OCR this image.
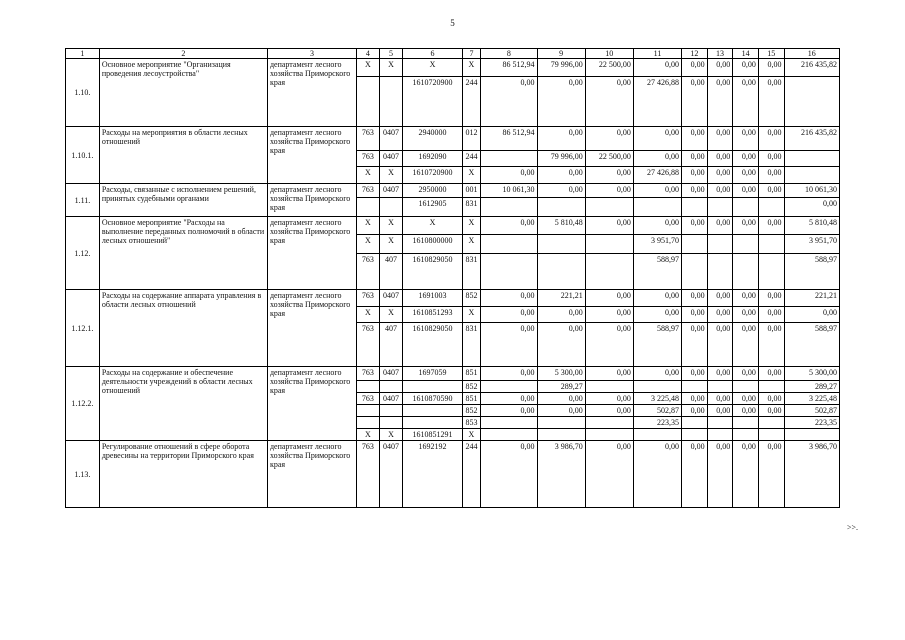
5
1	2	3	4	5	6	7	8	9	10	11	12	13	14	15	16
1.10.	Основное мероприятие "Организация проведения лесоустройства"	департамент лесного хозяйства Приморского края	X	X	X	X	86 512,94	79 996,00	22 500,00	0,00	0,00	0,00	0,00	0,00	216 435,82
					1610720900	244	0,00	0,00	0,00	27 426,88	0,00	0,00	0,00	0,00	
1.10.1.	Расходы на мероприятия в области лесных отношений	департамент лесного хозяйства Приморского края	763	0407	2940000	012	86 512,94	0,00	0,00	0,00	0,00	0,00	0,00	0,00	216 435,82
			763	0407	1692090	244		79 996,00	22 500,00	0,00	0,00	0,00	0,00	0,00	
			X	X	1610720900	X	0,00	0,00	0,00	27 426,88	0,00	0,00	0,00	0,00	
1.11.	Расходы, связанные с исполнением решений, принятых судебными органами	департамент лесного хозяйства Приморского края	763	0407	2950000	001	10 061,30	0,00	0,00	0,00	0,00	0,00	0,00	0,00	10 061,30
					1612905	831									0,00
1.12.	Основное мероприятие "Расходы на выполнение переданных полномочий в области лесных отношений"	департамент лесного хозяйства Приморского края	X	X	X	X	0,00	5 810,48	0,00	0,00	0,00	0,00	0,00	0,00	5 810,48
			X	X	1610800000	X				3 951,70					3 951,70
			763	407	1610829050	831				588,97					588,97
1.12.1.	Расходы на содержание аппарата управления в области лесных отношений	департамент лесного хозяйства Приморского края	763	0407	1691003	852	0,00	221,21	0,00	0,00	0,00	0,00	0,00	0,00	221,21
			X	X	1610851293	X	0,00	0,00	0,00	0,00	0,00	0,00	0,00	0,00	0,00
			763	407	1610829050	831	0,00	0,00	0,00	588,97	0,00	0,00	0,00	0,00	588,97
1.12.2.	Расходы на содержание и обеспечение деятельности учреждений в области лесных отношений	департамент лесного хозяйства Приморского края	763	0407	1697059	851	0,00	5 300,00	0,00	0,00	0,00	0,00	0,00	0,00	5 300,00
						852		289,27							289,27
			763	0407	1610870590	851	0,00	0,00	0,00	3 225,48	0,00	0,00	0,00	0,00	3 225,48
						852	0,00	0,00	0,00	502,87	0,00	0,00	0,00	0,00	502,87
						853				223,35					223,35
			X	X	1610851291	X									
1.13.	Регулирование отношений в сфере оборота древесины на территории Приморского края	департамент лесного хозяйства Приморского края	763	0407	1692192	244	0,00	3 986,70	0,00	0,00	0,00	0,00	0,00	0,00	3 986,70
>>.
